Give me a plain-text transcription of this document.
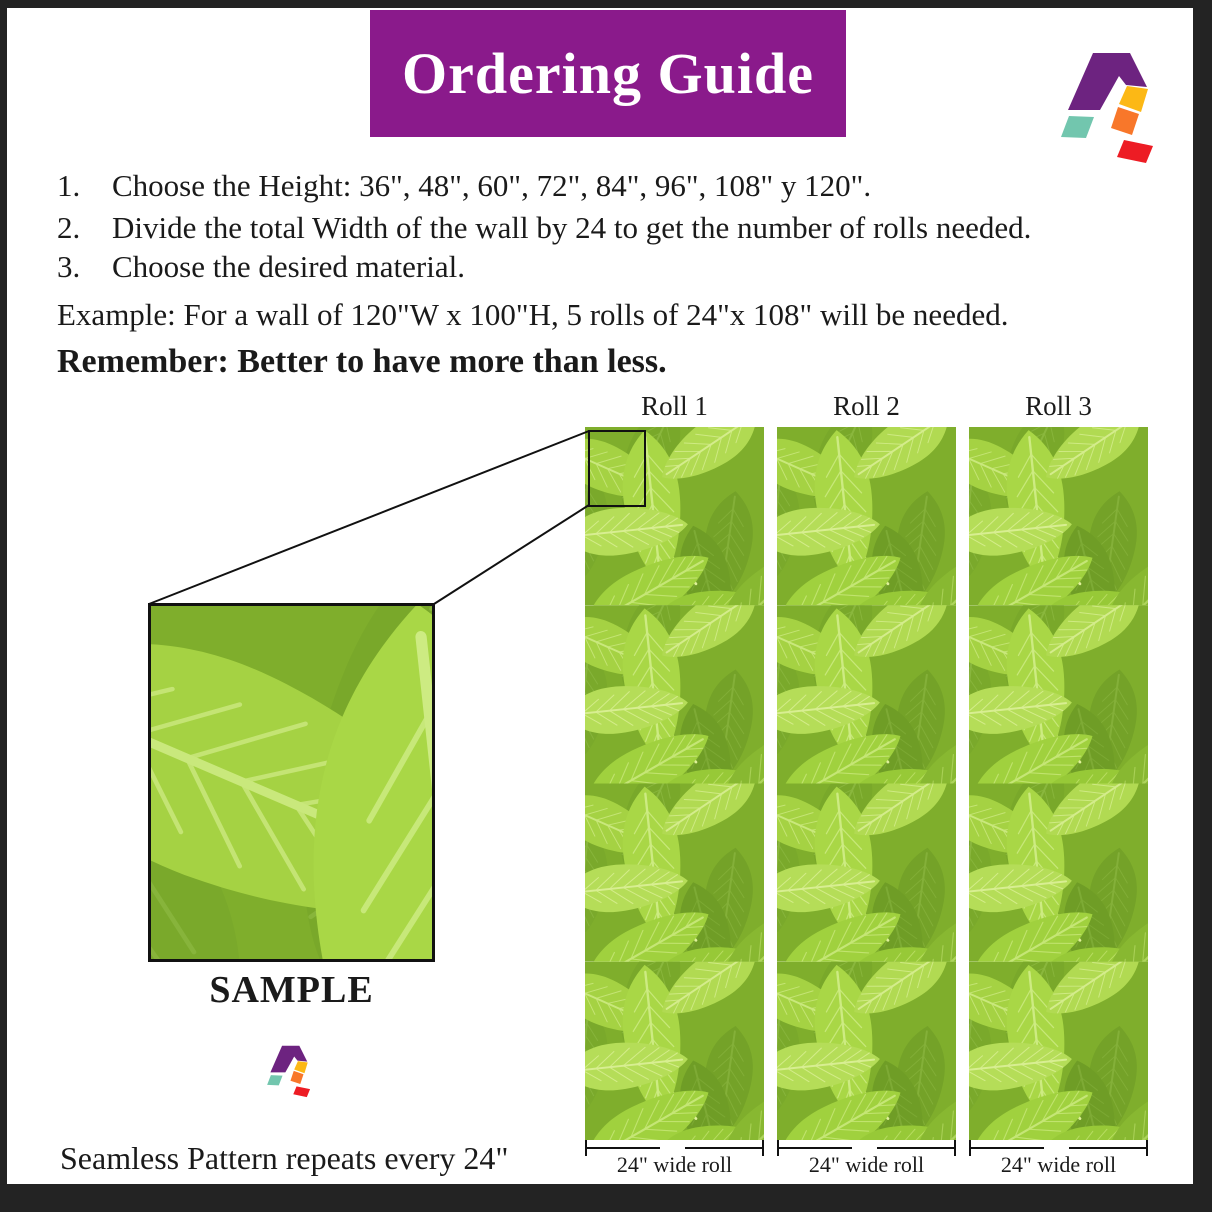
Ordering Guide
1.	Choose the Height: 36", 48", 60", 72", 84", 96", 108" y 120".
2.	Divide the total Width of the wall by 24 to get the number of rolls needed.
3.	Choose the desired material.
Example: For a wall of 120"W x 100"H, 5 rolls of 24"x 108" will be needed.
Remember: Better to have more than less.
Roll 1	Roll 2	Roll 3
SAMPLE
24" wide roll	24" wide roll	24" wide roll
Seamless Pattern repeats every 24"
